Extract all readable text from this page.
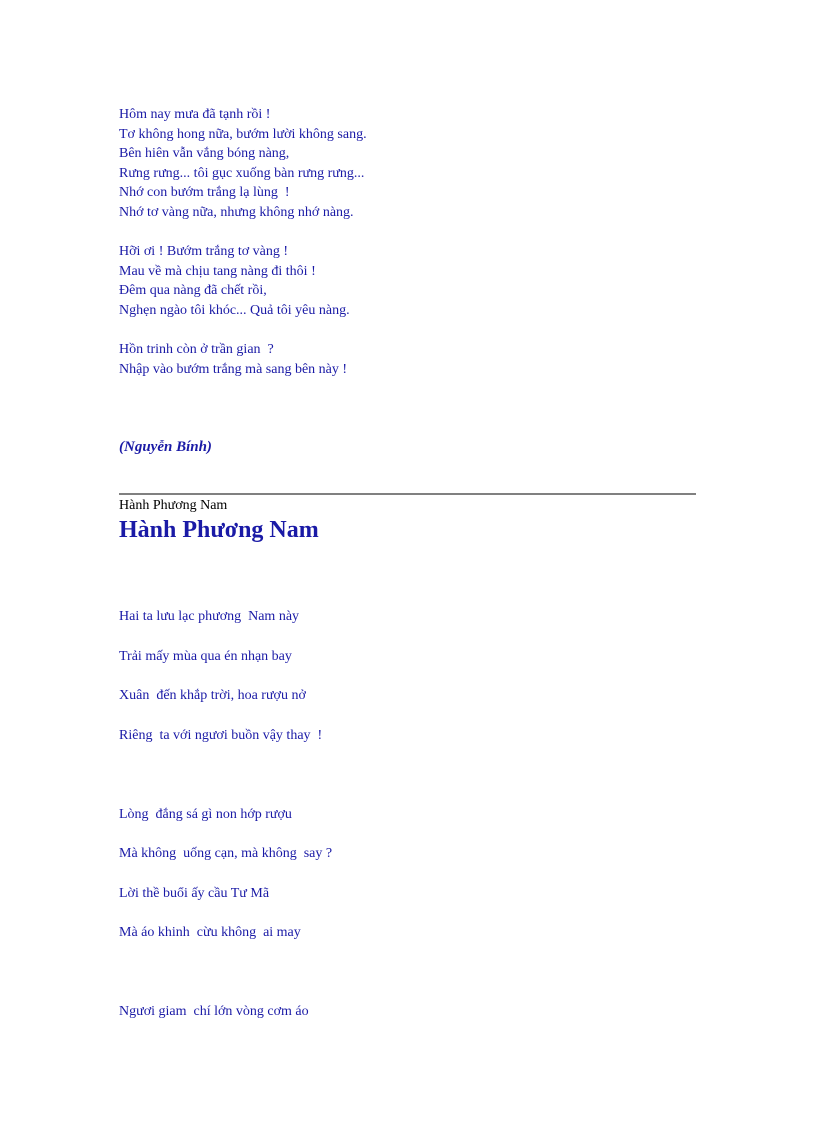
Hôm nay mưa đã tạnh rồi !
Tơ không hong nữa, bướm lười không sang.
Bên hiên vẫn vắng bóng nàng,
Rưng rưng... tôi gục xuống bàn rưng rưng...
Nhớ con bướm trắng lạ lùng  !
Nhớ tơ vàng nữa, nhưng không nhớ nàng.
Hỡi ơi ! Bướm trắng tơ vàng !
Mau về mà chịu tang nàng đi thôi !
Đêm qua nàng đã chết rồi,
Nghẹn ngào tôi khóc... Quả tôi yêu nàng.
Hồn trinh còn ở trần gian  ?
Nhập vào bướm trắng mà sang bên này !
(Nguyễn Bính)
Hành Phương Nam
Hành Phương Nam
Hai ta lưu lạc phương  Nam này
Trải mấy mùa qua én nhạn bay
Xuân  đến khắp trời, hoa rượu nở
Riêng  ta với ngươi buồn vậy thay  !
Lòng  đắng sá gì non hớp rượu
Mà không  uống cạn, mà không  say ?
Lời thề buổi ấy cầu Tư Mã
Mà áo khinh  cừu không  ai may
Ngươi giam  chí lớn vòng cơm áo
